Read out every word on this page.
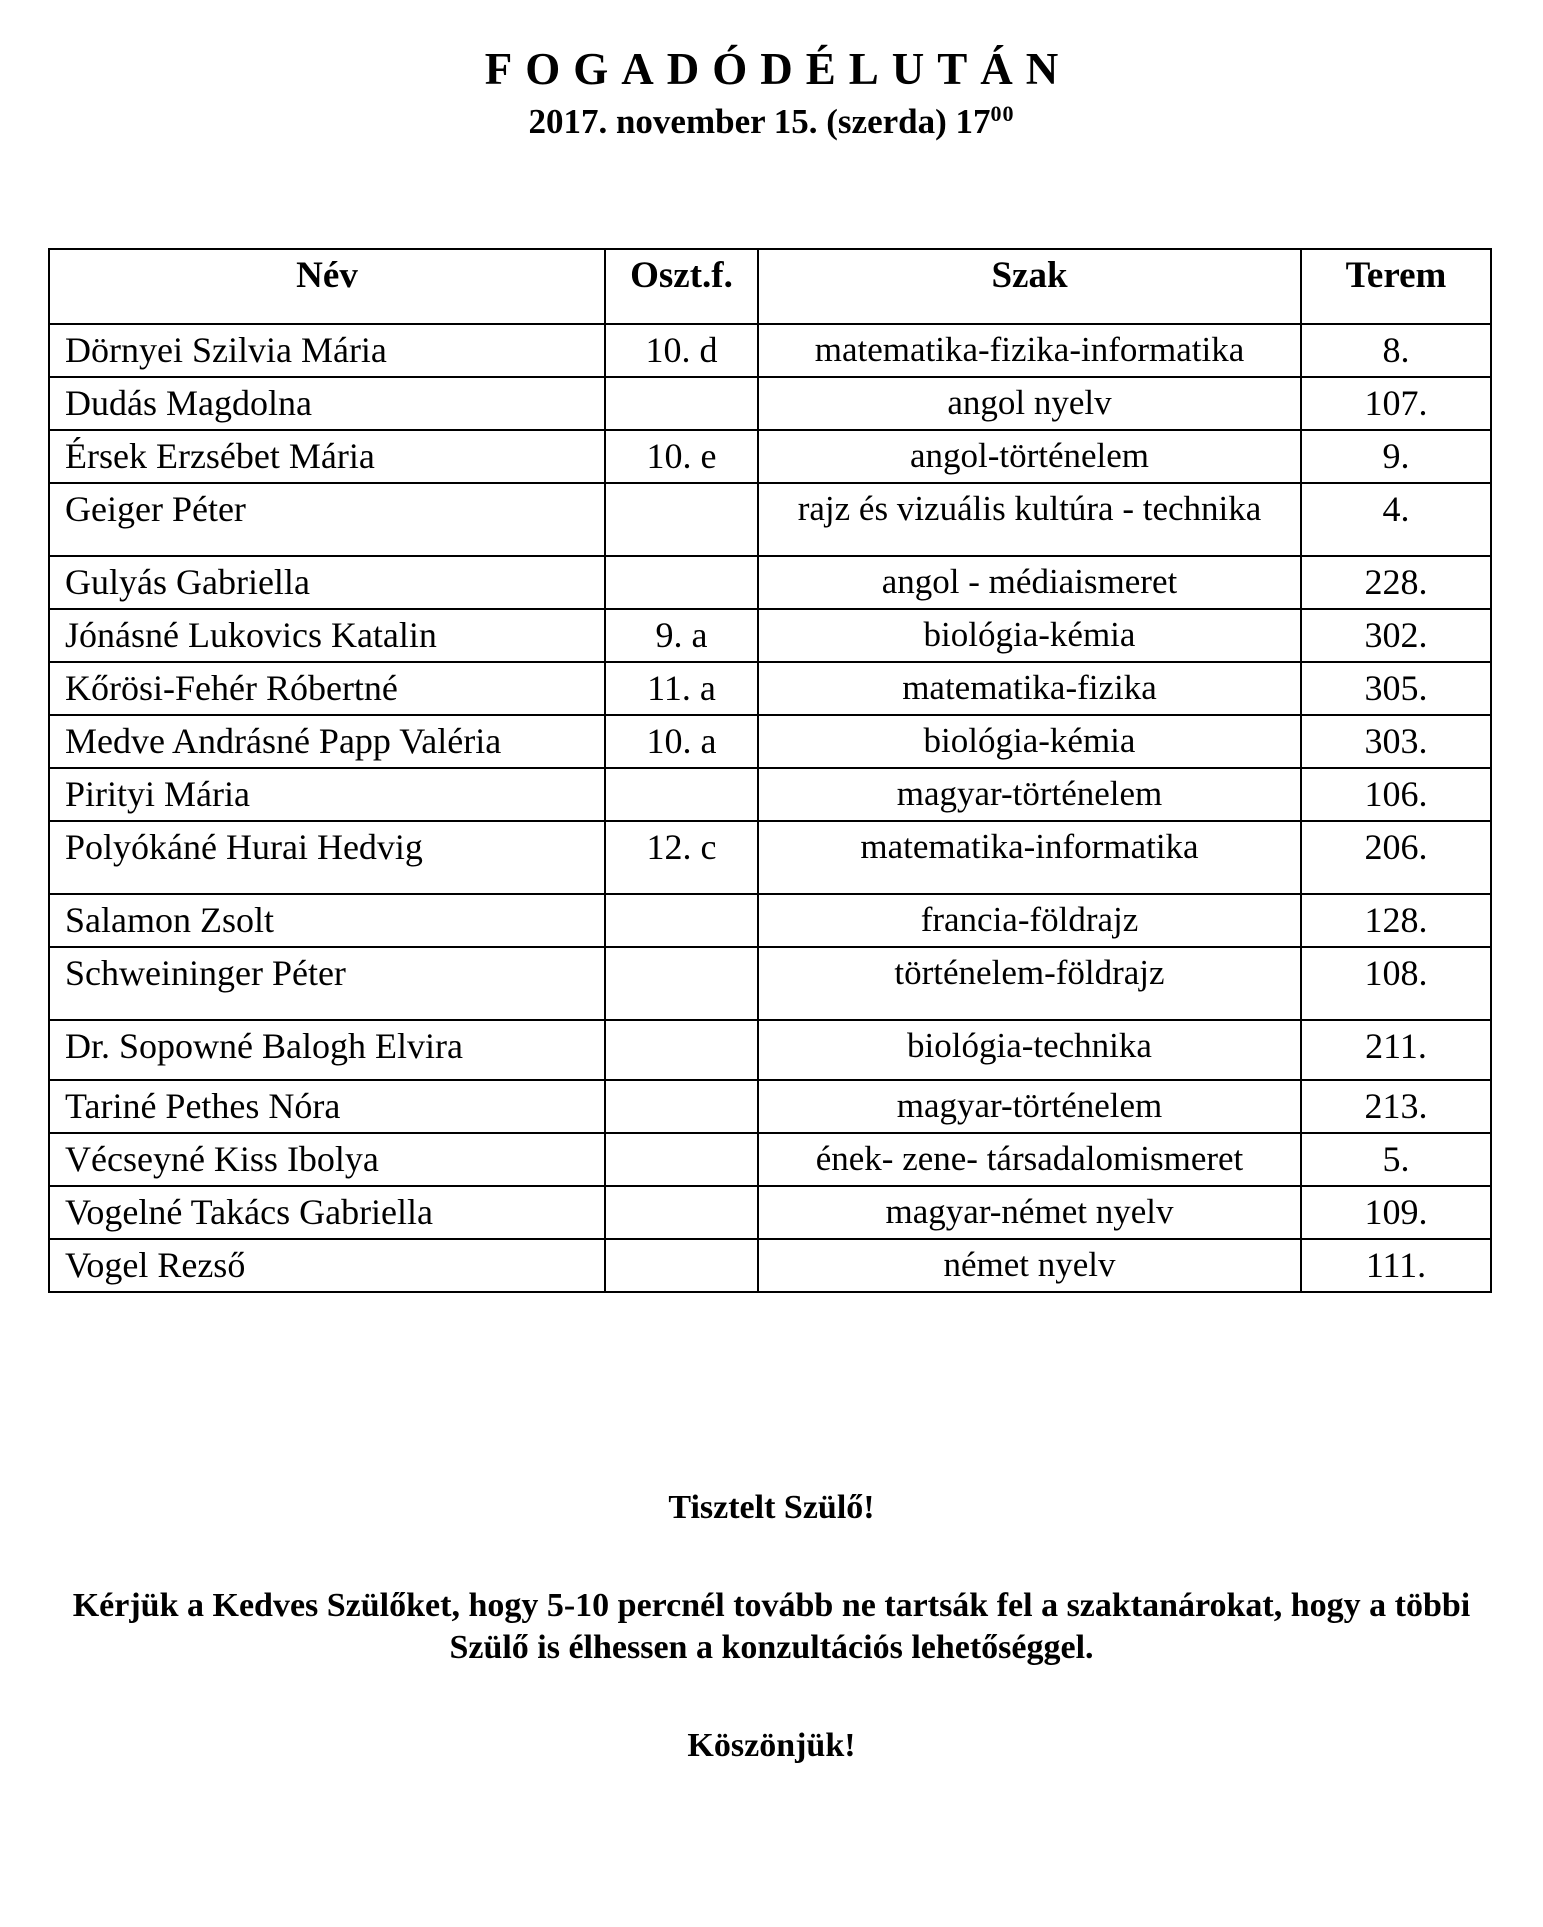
FOGADÓDÉLUTÁN
2017. november 15. (szerda) $17^{00}$
Név	Oszt.f.	Szak	Terem
Dörnyei Szilvia Mária	10. d	matematika-fizika-informatika	8.
Dudás Magdolna		angol nyelv	107.
Érsek Erzsébet Mária	10. e	angol-történelem	9.
Geiger Péter		rajz és vizuális kultúra - technika	4.
Gulyás Gabriella		angol - médiaismeret	228.
Jónásné Lukovics Katalin	9. a	biológia-kémia	302.
Kőrösi-Fehér Róbertné	11. a	matematika-fizika	305.
Medve Andrásné Papp Valéria	10. a	biológia-kémia	303.
Pirityi Mária		magyar-történelem	106.
Polyókáné Hurai Hedvig	12. c	matematika-informatika	206.
Salamon Zsolt		francia-földrajz	128.
Schweininger Péter		történelem-földrajz	108.
Dr. Sopowné Balogh Elvira		biológia-technika	211.
Tariné Pethes Nóra		magyar-történelem	213.
Vécseyné Kiss Ibolya		ének- zene- társadalomismeret	5.
Vogelné Takács Gabriella		magyar-német nyelv	109.
Vogel Rezső		német nyelv	111.
Tisztelt Szülő!
Kérjük a Kedves Szülőket, hogy 5-10 percnél tovább ne tartsák fel a szaktanárokat, hogy a többi Szülő is élhessen a konzultációs lehetőséggel.
Köszönjük!
